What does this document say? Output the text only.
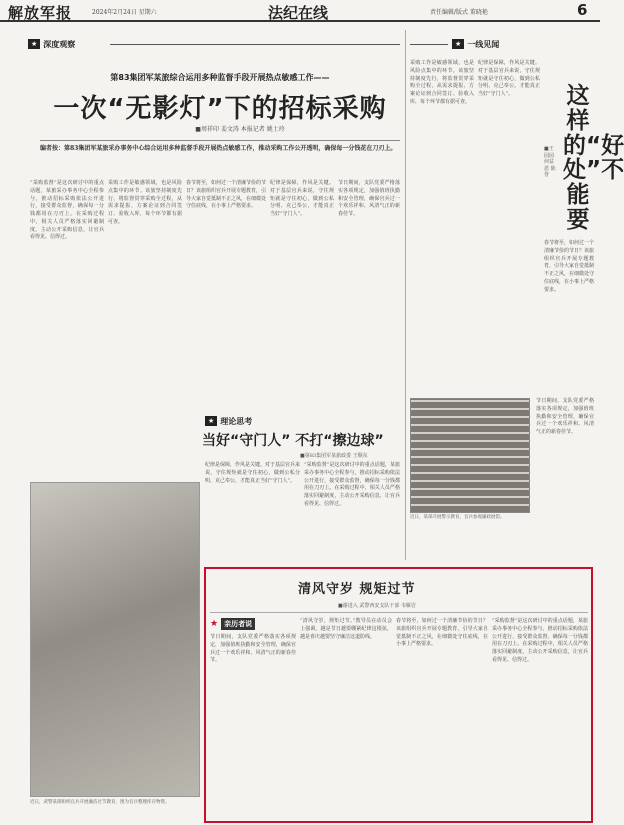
解放军报	2024年2月24日 星期六	法纪在线	责任编辑/版式 董晓艳	6
★ 深度观察	★ 一线见闻
第83集团军某旅综合运用多种监督手段开展热点敏感工作——
一次“无影灯”下的招标采购
■周祥印 姜文涛 本报记者 姚士玲
编者按：第83集团军某旅采办事务中心综合运用多种监督手段开展热点敏感工作，推动采购工作公开透明，确保每一分钱花在刀刃上。
“采购监督”是这次研讨中的重点话题，某旅采办事务中心全程参与，推动招标采购依法公开进行，接受群众监督，确保每一分钱都用在刀刃上。在采购过程中，相关人员严格落实回避制度，主动公开采购信息，让官兵看得见、信得过。
采购工作是敏感领域，也是风险点集中的环节。该旅坚持制度先行，将监督贯穿采购全过程，从需求提报、方案论证到合同签订、验收入库，每个环节都有据可查。
春节将至，如何过一个清廉节俭的节日？该旅组织官兵开展专题教育，引导大家自觉抵制不正之风，在细微处守住底线，在小事上严格要求。
纪律是保障，作风是关键。对于基层官兵来说，守住规矩就是守住初心，做到公私分明、克己奉公，才能真正当好“守门人”。
节日期间，支队党委严格落实各项规定，加强值班执勤和安全管理，确保官兵过一个欢乐祥和、风清气正的新春佳节。
采购工作是敏感领域，也是风险点集中的环节。该旅坚持制度先行，将监督贯穿采购全过程，从需求提报、方案论证到合同签订、验收入库，每个环节都有据可查。
纪律是保障，作风是关键。对于基层官兵来说，守住规矩就是守住初心，做到公私分明、克己奉公，才能真正当好“守门人”。	这样的“好处”不能要
■王园园 何益恩 陈 誉
春节将至，如何过一个清廉节俭的节日？该旅组织官兵开展专题教育，引导大家自觉抵制不正之风，在细微处守住底线，在小事上严格要求。
近日，某部开展警示教育，官兵参观廉政展馆。
节日期间，支队党委严格落实各项规定，加强值班执勤和安全管理，确保官兵过一个欢乐祥和、风清气正的新春佳节。
★ 理论思考
当好“守门人” 不打“擦边球”
■第83集团军某旅政委 王顺东
纪律是保障，作风是关键。对于基层官兵来说，守住规矩就是守住初心，做到公私分明、克己奉公，才能真正当好“守门人”。
“采购监督”是这次研讨中的重点话题，某旅采办事务中心全程参与，推动招标采购依法公开进行，接受群众监督，确保每一分钱都用在刀刃上。在采购过程中，相关人员严格落实回避制度，主动公开采购信息，让官兵看得见、信得过。
近日，武警某部组织官兵开展廉洁过节教育，图为官兵整理库存物资。
清风守岁 规矩过节
■谢进入 武警西安支队干部 韦雁岩
★ 亲历者说
节日期间，支队党委严格落实各项规定，加强值班执勤和安全管理，确保官兵过一个欢乐祥和、风清气正的新春佳节。
“清风守岁，规矩过节。”教导员在动员会上强调，越是节日越要绷紧纪律这根弦，越是喜庆越要坚守廉洁这道防线。
春节将至，如何过一个清廉节俭的节日？该旅组织官兵开展专题教育，引导大家自觉抵制不正之风，在细微处守住底线，在小事上严格要求。
“采购监督”是这次研讨中的重点话题，某旅采办事务中心全程参与，推动招标采购依法公开进行，接受群众监督，确保每一分钱都用在刀刃上。在采购过程中，相关人员严格落实回避制度，主动公开采购信息，让官兵看得见、信得过。
